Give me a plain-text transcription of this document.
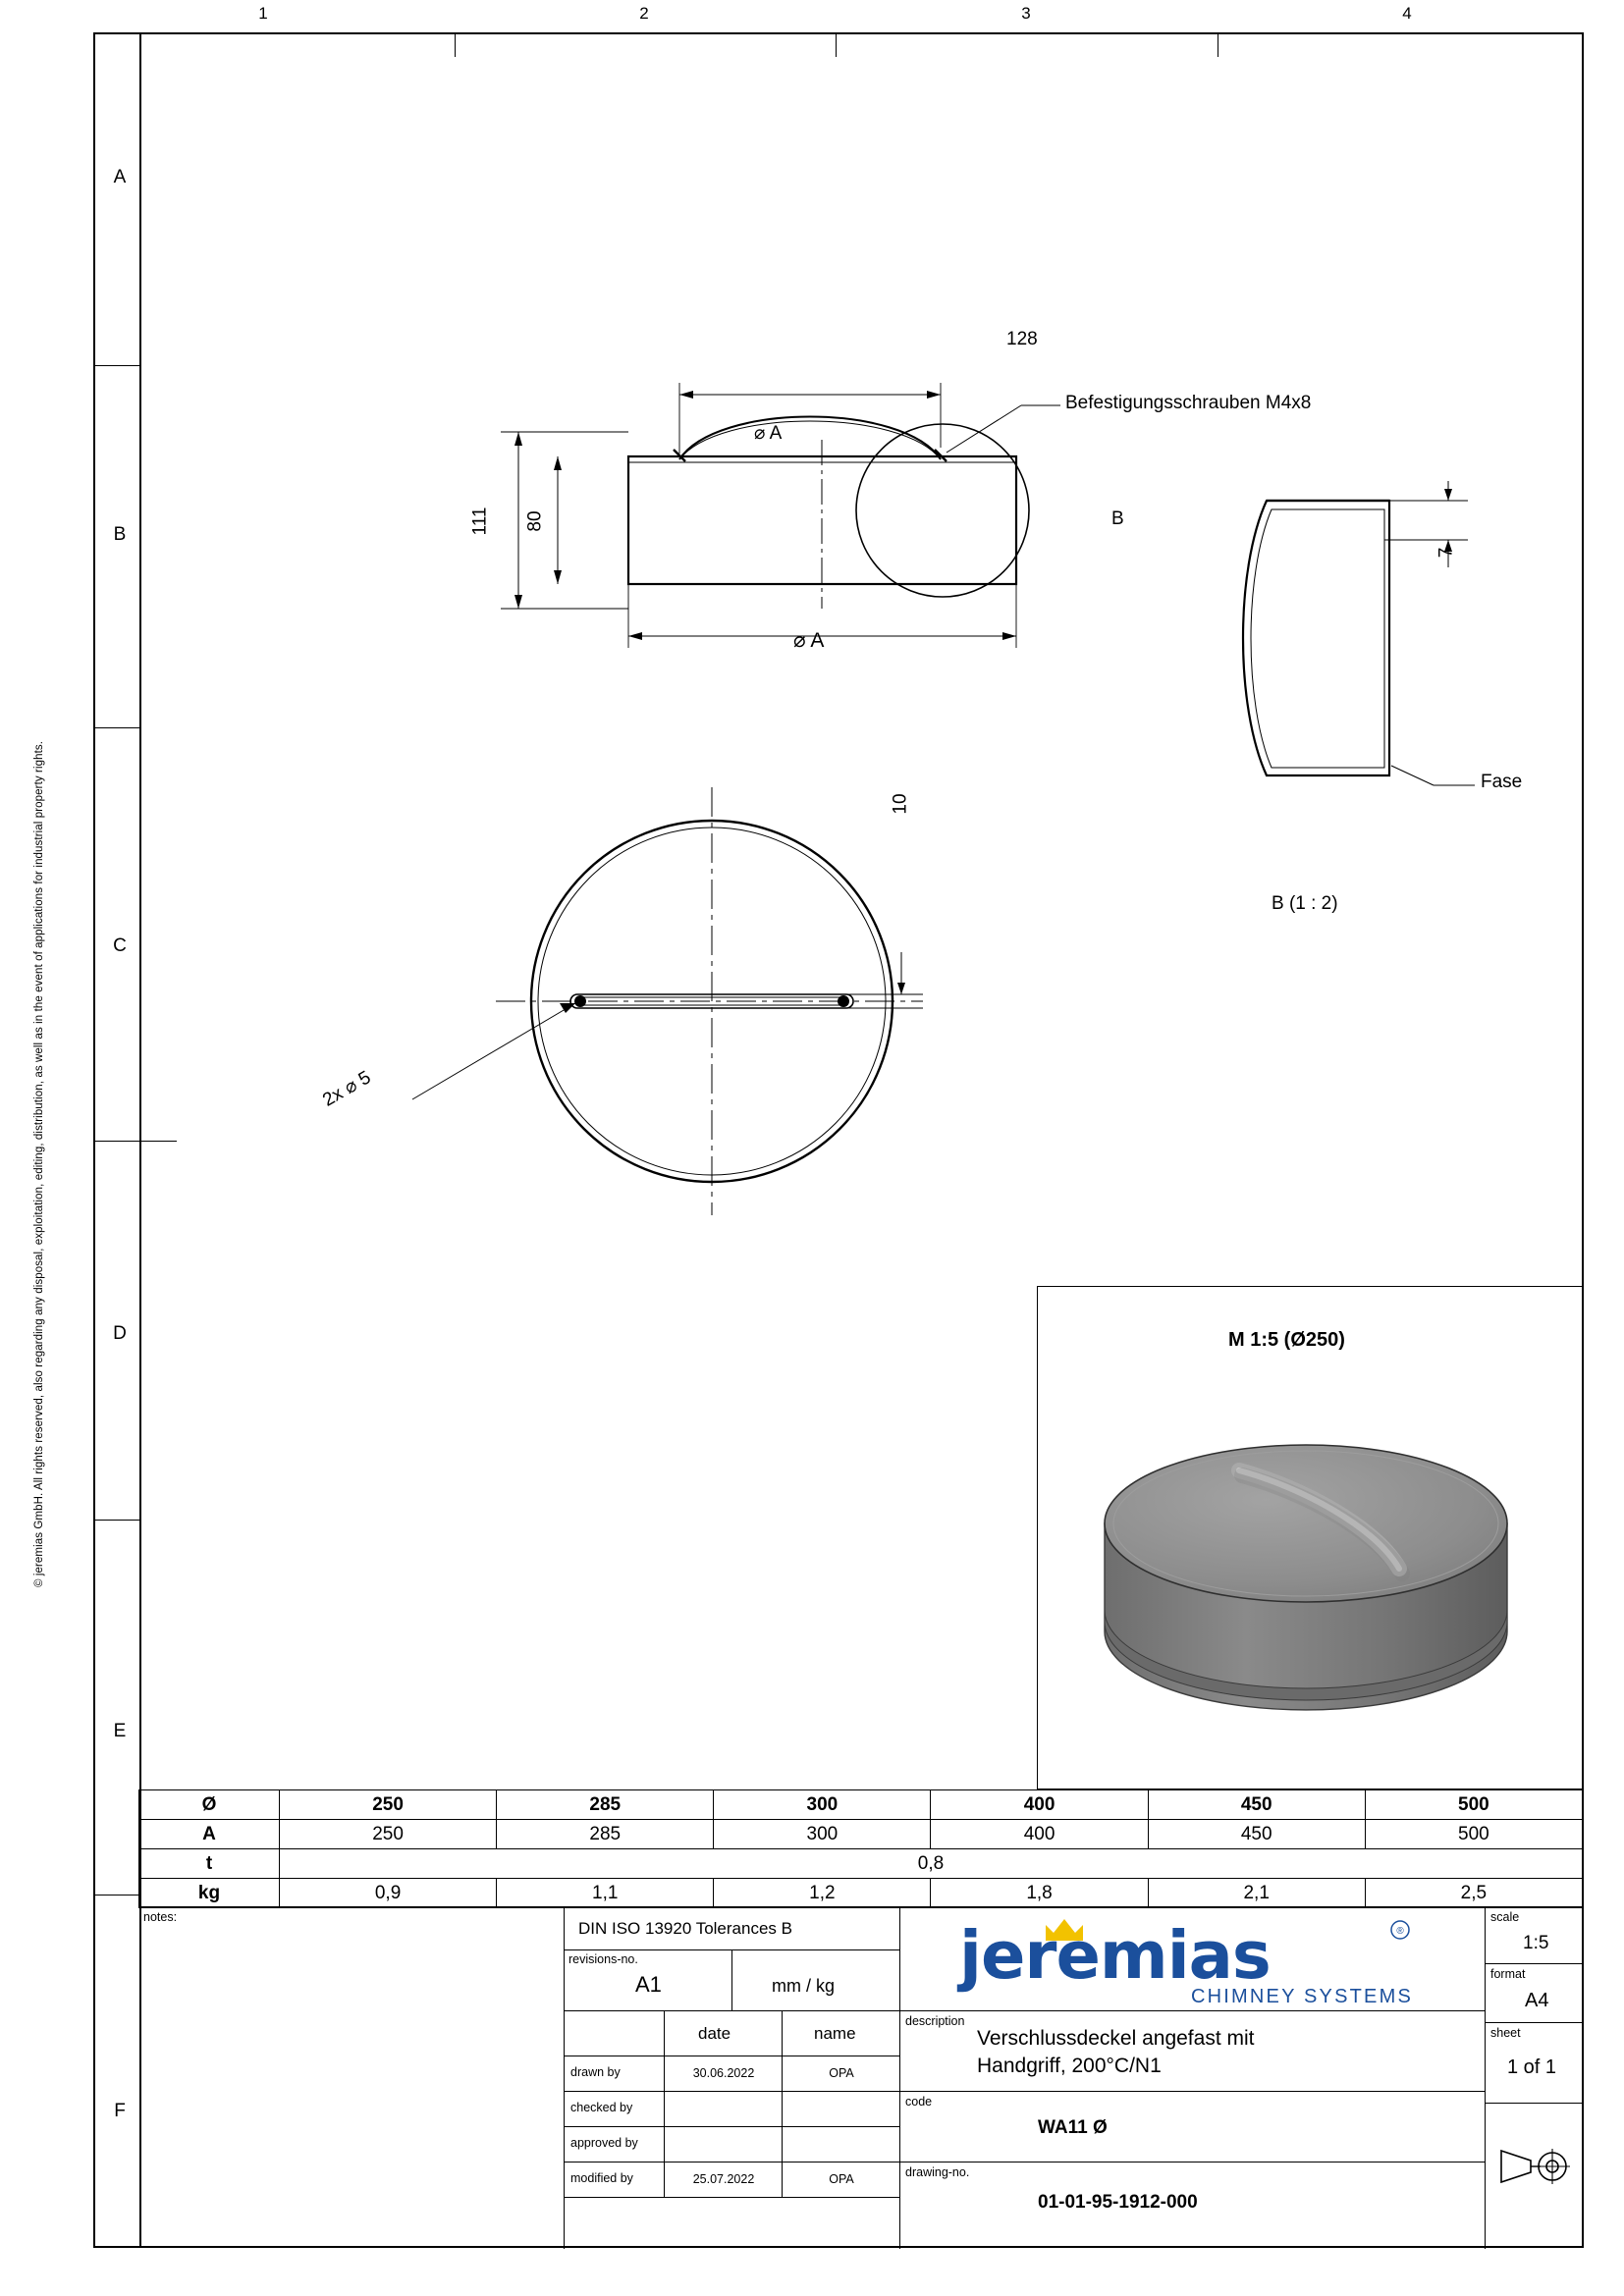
1	2	3	4
A
B
C
D
E
F
© jeremias GmbH. All rights reserved, also regarding any disposal, exploitation, editing, distribution, as well as in the event of applications for industrial property rights.
128
111 80
⌀ A
Befestigungsschrauben M4x8
B
⌀ A
7
Fase
B (1 : 2)
10
2x ⌀ 5
M 1:5 (Ø250)
Ø	250	285	300	400	450	500
A	250	285	300	400	450	500
t	0,8					
kg	0,9	1,1	1,2	1,8	2,1	2,5
notes:
DIN ISO 13920 Tolerances B
revisions-no.
A1	mm / kg
date	name
drawn by	30.06.2022	OPA
checked by
approved by
modified by	25.07.2022	OPA
jeremias	®
CHIMNEY SYSTEMS
description
Verschlussdeckel angefast mit
Handgriff, 200°C/N1
code
WA11 Ø
drawing-no.
01-01-95-1912-000
scale
1:5
format
A4
sheet
1 of 1
